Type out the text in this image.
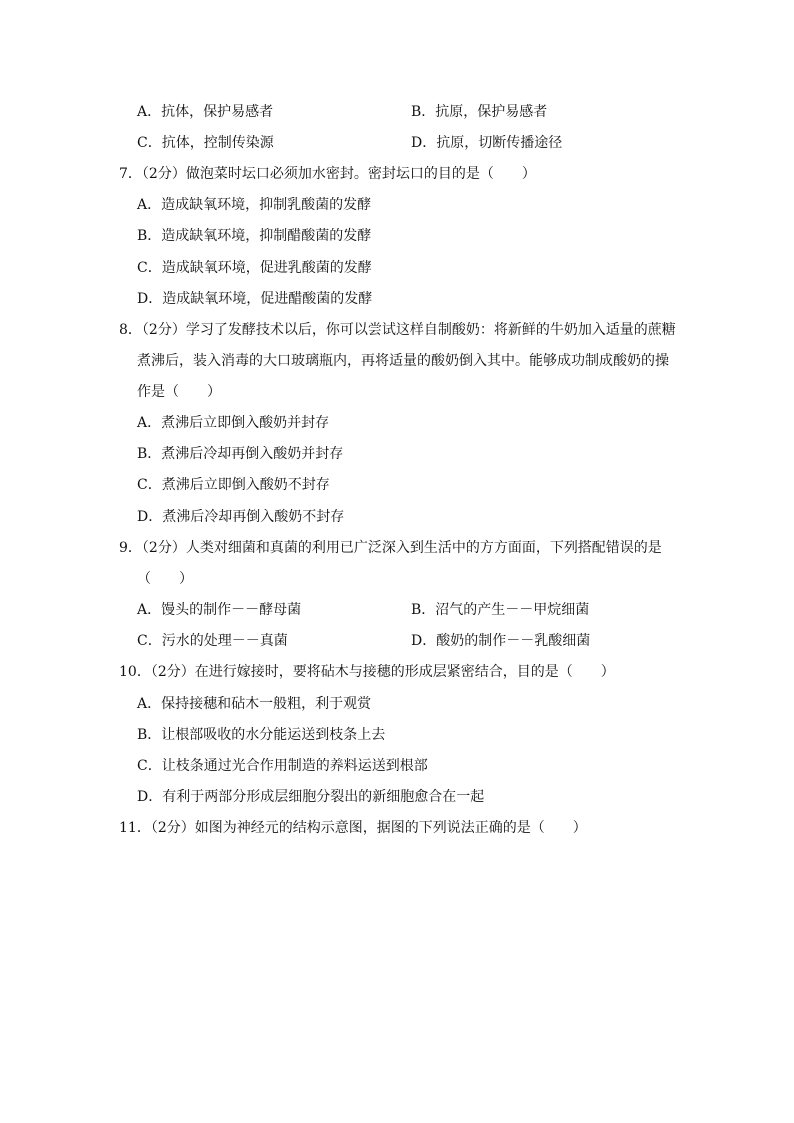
A．抗体，保护易感者	B．抗原，保护易感者
C．抗体，控制传染源	D．抗原，切断传播途径
7．（2分）做泡菜时坛口必须加水密封。密封坛口的目的是（　　）
A．造成缺氧环境，抑制乳酸菌的发酵
B．造成缺氧环境，抑制醋酸菌的发酵
C．造成缺氧环境，促进乳酸菌的发酵
D．造成缺氧环境，促进醋酸菌的发酵
8．（2分）学习了发酵技术以后，你可以尝试这样自制酸奶：将新鲜的牛奶加入适量的蔗糖
煮沸后，装入消毒的大口玻璃瓶内，再将适量的酸奶倒入其中。能够成功制成酸奶的操
作是（　　）
A．煮沸后立即倒入酸奶并封存
B．煮沸后冷却再倒入酸奶并封存
C．煮沸后立即倒入酸奶不封存
D．煮沸后冷却再倒入酸奶不封存
9．（2分）人类对细菌和真菌的利用已广泛深入到生活中的方方面面，下列搭配错误的是
（　　）
A．馒头的制作－－酵母菌	B．沼气的产生－－甲烷细菌
C．污水的处理－－真菌	D．酸奶的制作－－乳酸细菌
10．（2分）在进行嫁接时，要将砧木与接穗的形成层紧密结合，目的是（　　）
A．保持接穗和砧木一般粗，利于观赏
B．让根部吸收的水分能运送到枝条上去
C．让枝条通过光合作用制造的养料运送到根部
D．有利于两部分形成层细胞分裂出的新细胞愈合在一起
11．（2分）如图为神经元的结构示意图，据图的下列说法正确的是（　　）
